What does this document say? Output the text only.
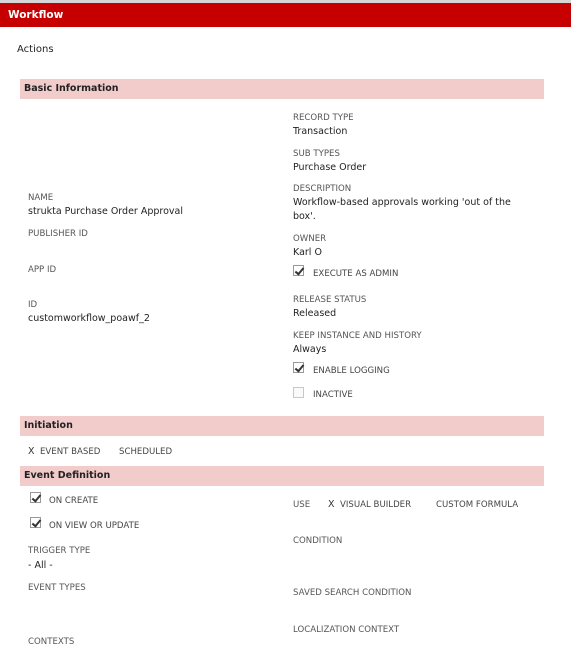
Workflow
Actions
Basic Information
NAME
strukta Purchase Order Approval
PUBLISHER ID
APP ID
ID
customworkflow_poawf_2
RECORD TYPE
Transaction
SUB TYPES
Purchase Order
DESCRIPTION
Workflow-based approvals working 'out of the box'.
OWNER
Karl O
EXECUTE AS ADMIN
RELEASE STATUS
Released
KEEP INSTANCE AND HISTORY
Always
ENABLE LOGGING
INACTIVE
Initiation
X EVENT BASED SCHEDULED
Event Definition
ON CREATE
ON VIEW OR UPDATE
TRIGGER TYPE
- All -
EVENT TYPES
CONTEXTS
USE X VISUAL BUILDER	CUSTOM FORMULA
CONDITION
SAVED SEARCH CONDITION
LOCALIZATION CONTEXT
